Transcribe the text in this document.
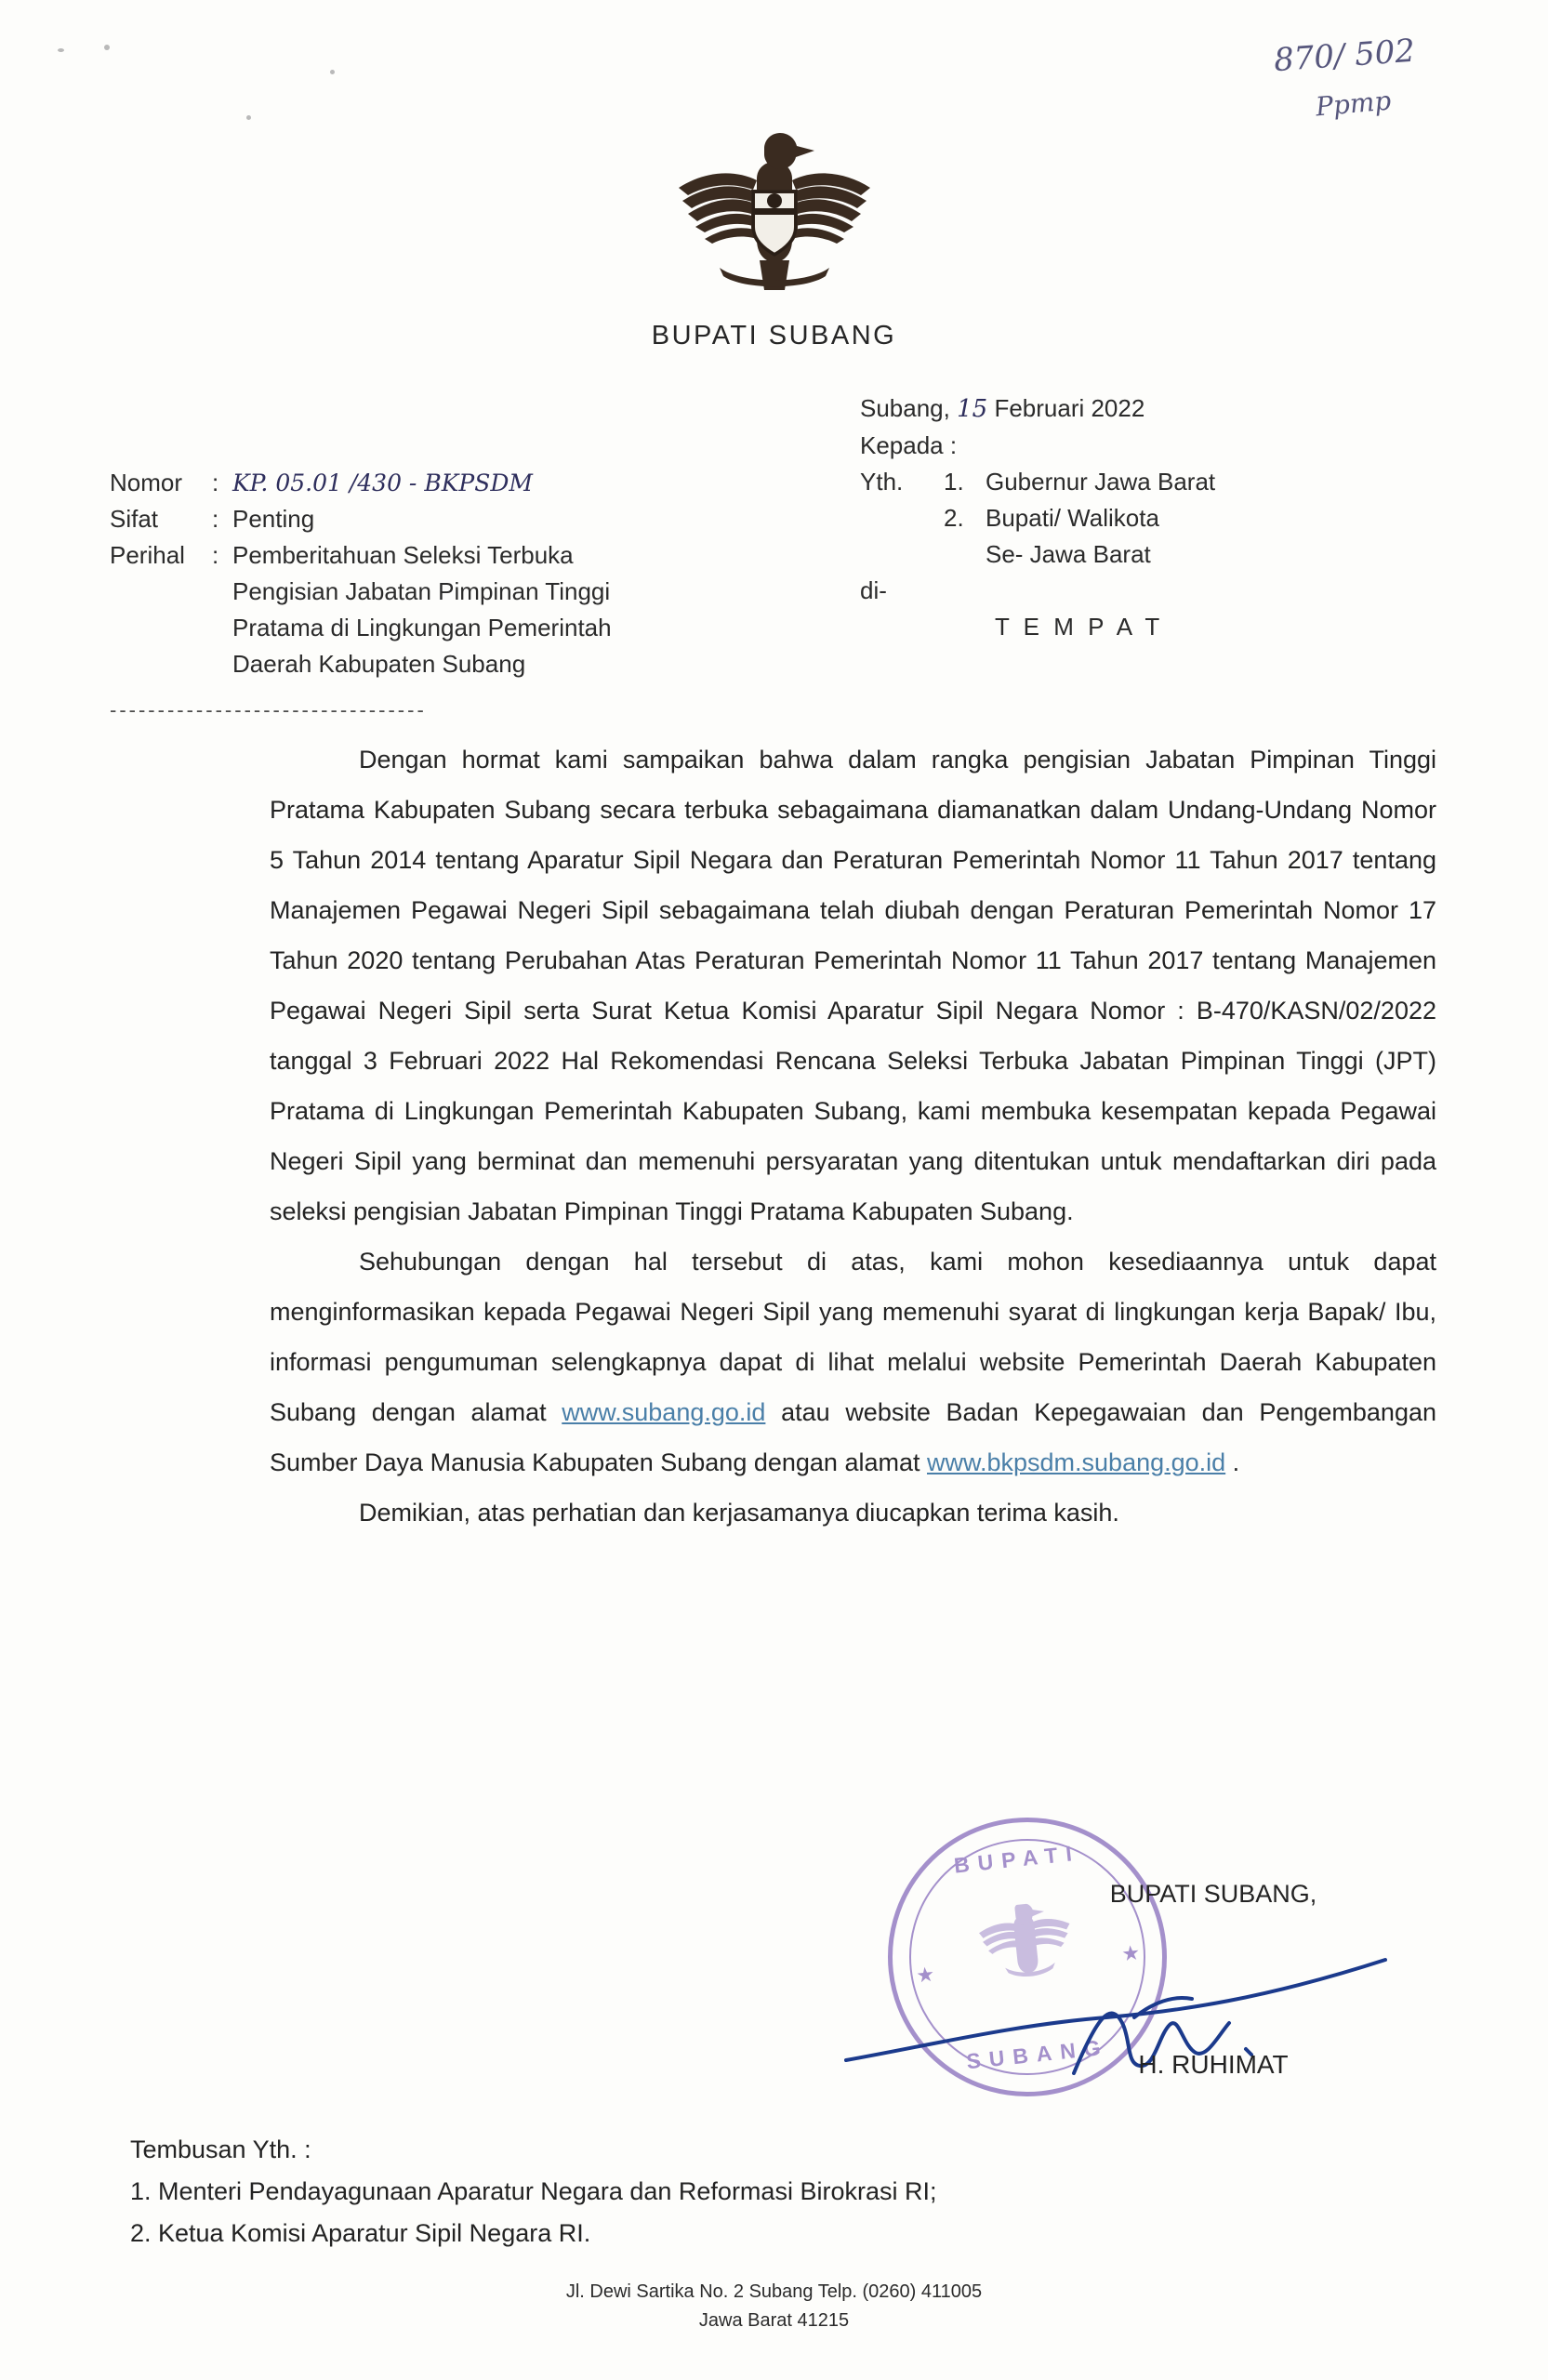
870/ 502
Ppmp
BUPATI SUBANG
Nomor	: KP. 05.01 /430 - BKPSDM
Sifat	: Penting
Perihal	: Pemberitahuan Seleksi Terbuka
Pengisian Jabatan Pimpinan Tinggi
Pratama di Lingkungan Pemerintah
Daerah Kabupaten Subang
---------------------------------
Subang, 15 Februari 2022
Kepada :
Yth.	1. Gubernur Jawa Barat
2. Bupati/ Walikota
Se- Jawa Barat
di-
T E M P A T

Dengan hormat kami sampaikan bahwa dalam rangka pengisian Jabatan Pimpinan Tinggi Pratama Kabupaten Subang secara terbuka sebagaimana diamanatkan dalam Undang-Undang Nomor 5 Tahun 2014 tentang Aparatur Sipil Negara dan Peraturan Pemerintah Nomor 11 Tahun 2017 tentang Manajemen Pegawai Negeri Sipil sebagaimana telah diubah dengan Peraturan Pemerintah Nomor 17 Tahun 2020 tentang Perubahan Atas Peraturan Pemerintah Nomor 11 Tahun 2017 tentang Manajemen Pegawai Negeri Sipil serta Surat Ketua Komisi Aparatur Sipil Negara Nomor : B-470/KASN/02/2022 tanggal 3 Februari 2022 Hal Rekomendasi Rencana Seleksi Terbuka Jabatan Pimpinan Tinggi (JPT) Pratama di Lingkungan Pemerintah Kabupaten Subang, kami membuka kesempatan kepada Pegawai Negeri Sipil yang berminat dan memenuhi persyaratan yang ditentukan untuk mendaftarkan diri pada seleksi pengisian Jabatan Pimpinan Tinggi Pratama Kabupaten Subang.

Sehubungan dengan hal tersebut di atas, kami mohon kesediaannya untuk dapat menginformasikan kepada Pegawai Negeri Sipil yang memenuhi syarat di lingkungan kerja Bapak/ Ibu, informasi pengumuman selengkapnya dapat di lihat melalui website Pemerintah Daerah Kabupaten Subang dengan alamat www.subang.go.id atau website Badan Kepegawaian dan Pengembangan Sumber Daya Manusia Kabupaten Subang dengan alamat www.bkpsdm.subang.go.id .

Demikian, atas perhatian dan kerjasamanya diucapkan terima kasih.

BUPATI
SUBANG
★
★
BUPATI SUBANG,
H. RUHIMAT
Tembusan Yth. :
1. Menteri Pendayagunaan Aparatur Negara dan Reformasi Birokrasi RI;
2. Ketua Komisi Aparatur Sipil Negara RI.
Jl. Dewi Sartika No. 2 Subang Telp. (0260) 411005
Jawa Barat 41215
